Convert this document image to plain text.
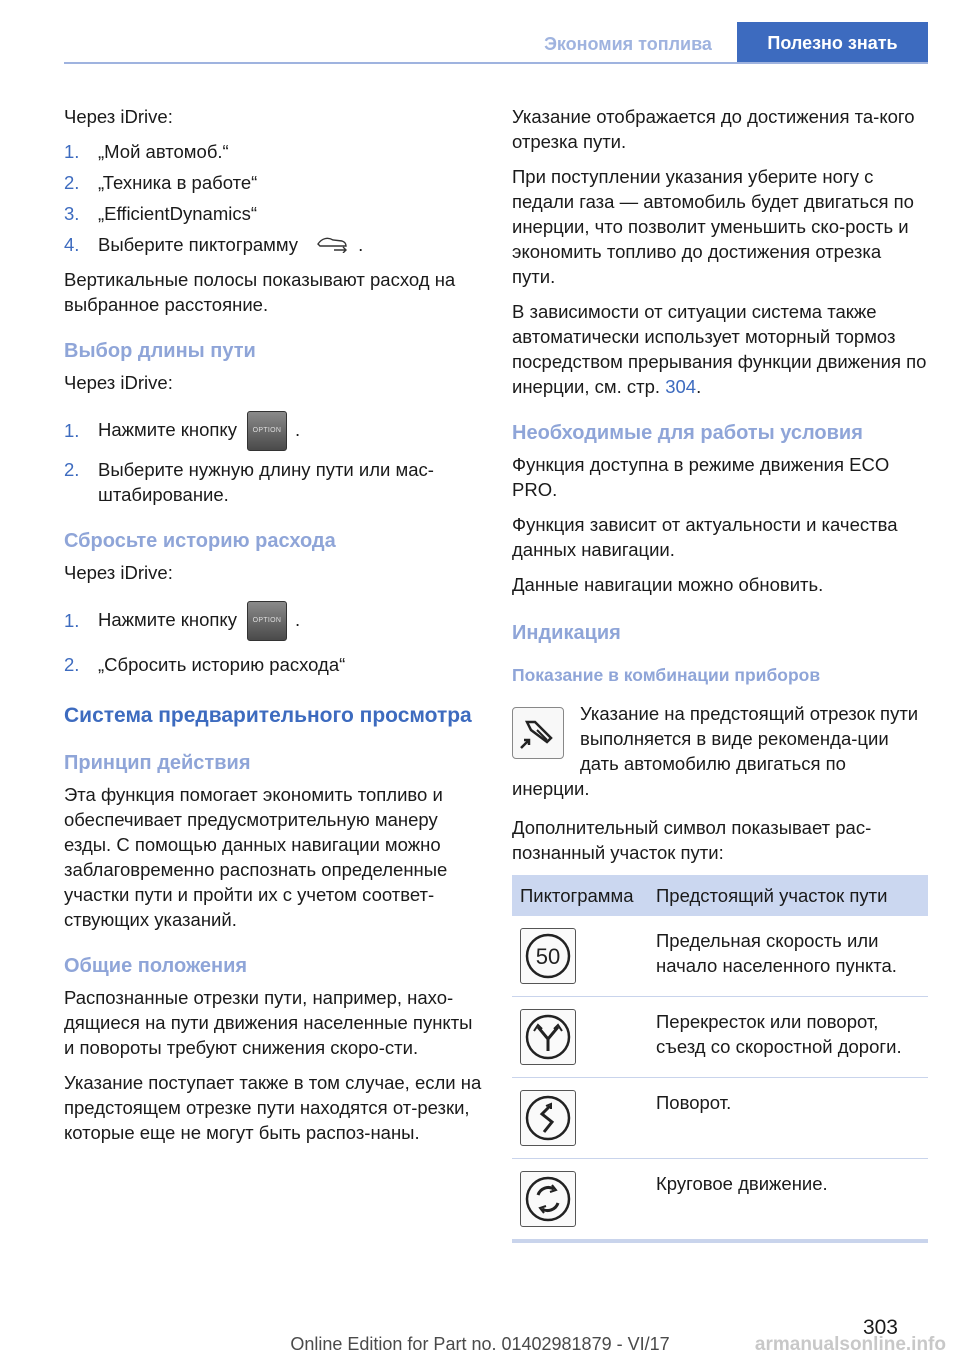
Экономия топлива	Полезно знать

Через iDrive:

1.	„Мой автомоб.“
2.	„Техника в работе“
3.	„EfficientDynamics“
4.	Выберите пиктограмму	.

Вертикальные полосы показывают расход на выбранное расстояние.

Выбор длины пути

Через iDrive:

1.	Нажмите кнопку OPTION .
2.	Выберите нужную длину пути или мас-штабирование.
Сбросьте историю расхода

Через iDrive:

1.	Нажмите кнопку OPTION .
2.	„Сбросить историю расхода“
Система предварительного просмотра
Принцип действия

Эта функция помогает экономить топливо и обеспечивает предусмотрительную манеру езды. С помощью данных навигации можно заблаговременно распознать определенные участки пути и пройти их с учетом соответ-ствующих указаний.

Общие положения

Распознанные отрезки пути, например, нахо-дящиеся на пути движения населенные пункты и повороты требуют снижения скоро-сти.

Указание поступает также в том случае, если на предстоящем отрезке пути находятся от-резки, которые еще не могут быть распоз-наны.

Указание отображается до достижения та-кого отрезка пути.

При поступлении указания уберите ногу с педали газа — автомобиль будет двигаться по инерции, что позволит уменьшить ско-рость и экономить топливо до достижения отрезка пути.

В зависимости от ситуации система также автоматически использует моторный тормоз посредством прерывания функции движения по инерции, см. стр. 304.

Необходимые для работы условия

Функция доступна в режиме движения ECO PRO.

Функция зависит от актуальности и качества данных навигации.

Данные навигации можно обновить.

Индикация
Показание в комбинации приборов
Указание на предстоящий отрезок пути выполняется в виде рекоменда-ции дать автомобилю двигаться по инерции.

Дополнительный символ показывает рас-познанный участок пути:

Пиктограмма	Предстоящий участок пути

50	Предельная скорость или начало населенного пункта.

	Перекресток или поворот, съезд со скоростной дороги.

	Поворот.

	Круговое движение.
303
Online Edition for Part no. 01402981879 - VI/17	armanualsonline.info
